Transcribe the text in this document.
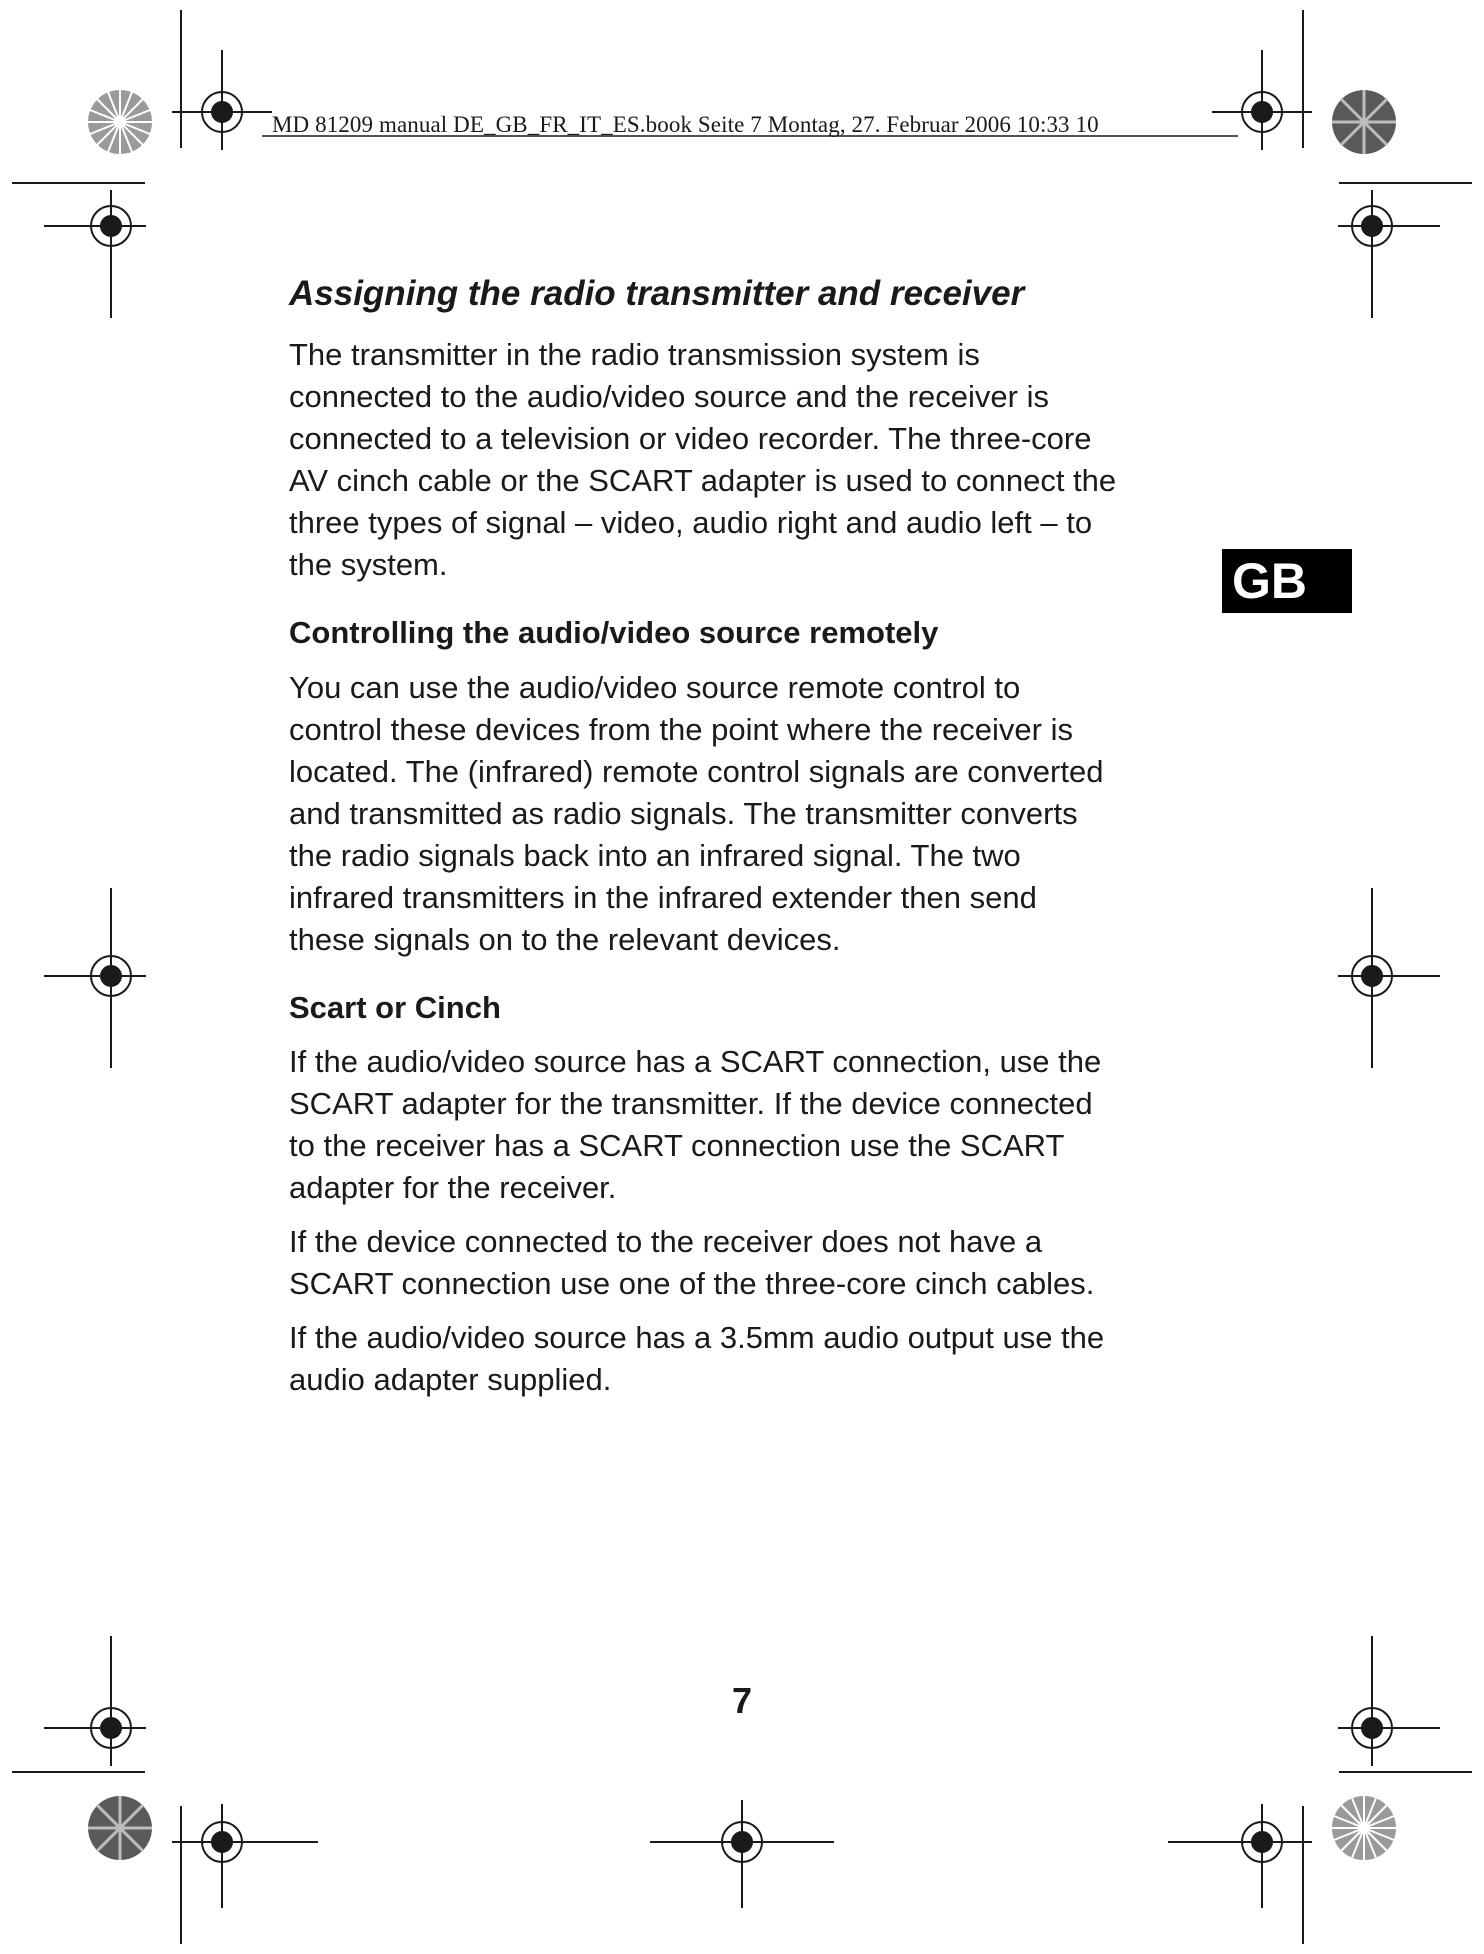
MD 81209 manual DE_GB_FR_IT_ES.book Seite 7 Montag, 27. Februar 2006 10:33 10
Assigning the radio transmitter and receiver

The transmitter in the radio transmission system is
connected to the audio/video source and the receiver is
connected to a television or video recorder. The three-core
AV cinch cable or the SCART adapter is used to connect the
three types of signal – video, audio right and audio left – to
the system.

Controlling the audio/video source remotely

You can use the audio/video source remote control to
control these devices from the point where the receiver is
located. The (infrared) remote control signals are converted
and transmitted as radio signals. The transmitter converts
the radio signals back into an infrared signal. The two
infrared transmitters in the infrared extender then send
these signals on to the relevant devices.

Scart or Cinch

If the audio/video source has a SCART connection, use the
SCART adapter for the transmitter. If the device connected
to the receiver has a SCART connection use the SCART
adapter for the receiver.

If the device connected to the receiver does not have a
SCART connection use one of the three-core cinch cables.

If the audio/video source has a 3.5mm audio output use the
audio adapter supplied.

GB
7
